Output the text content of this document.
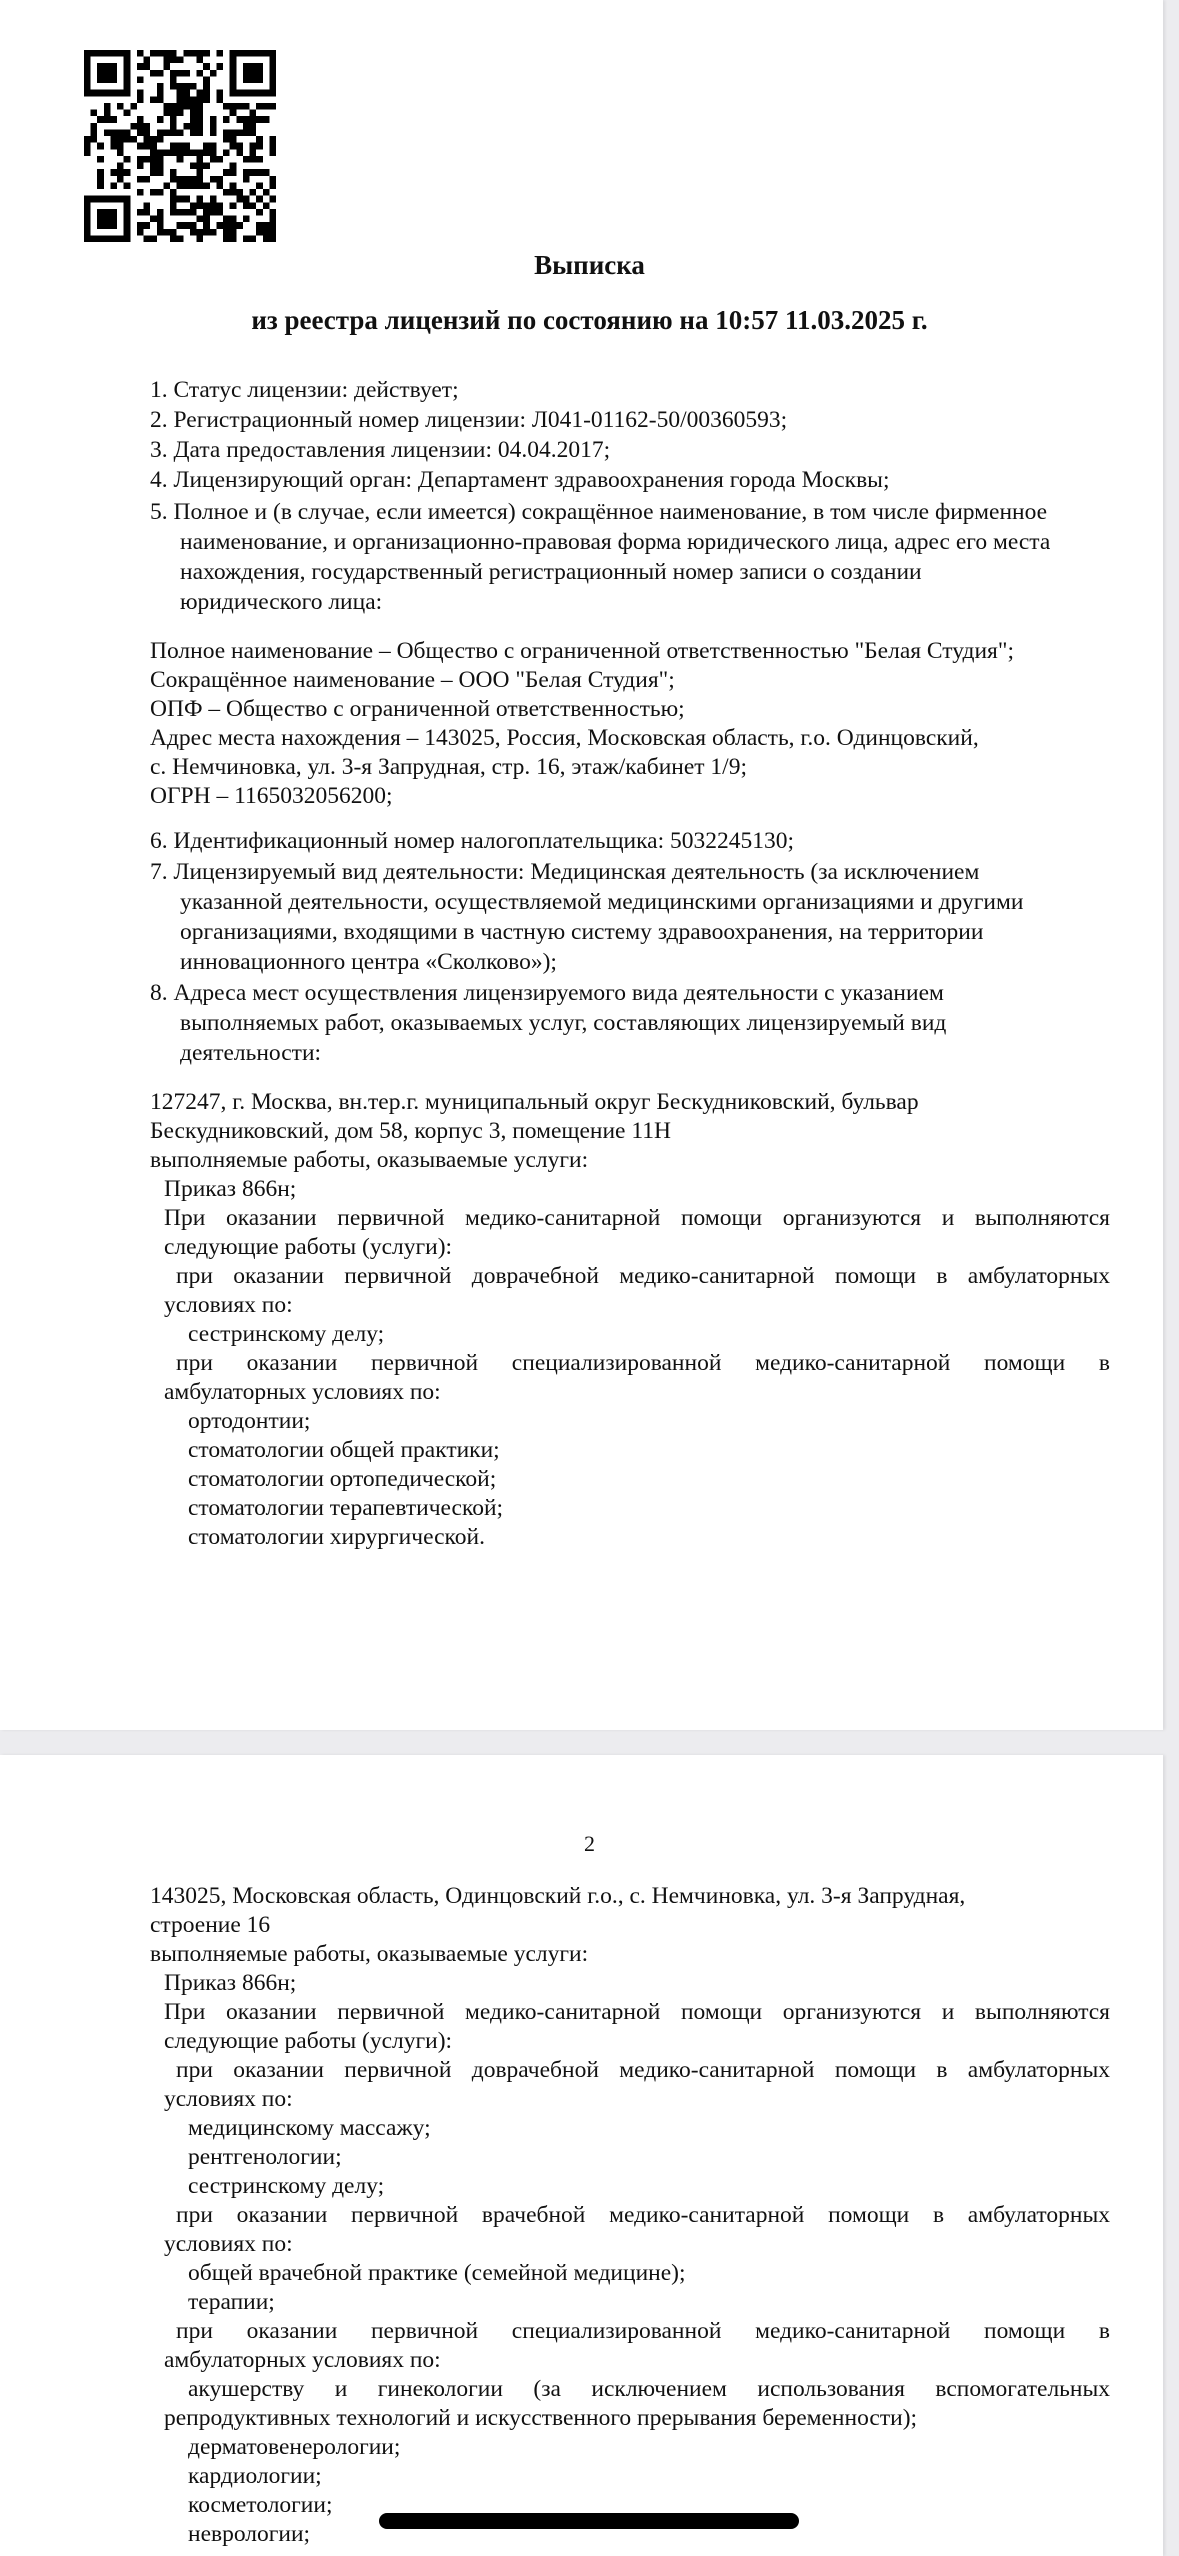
Выписка
из реестра лицензий по состоянию на 10:57 11.03.2025 г.
1. Статус лицензии: действует;
2. Регистрационный номер лицензии: Л041-01162-50/00360593;
3. Дата предоставления лицензии: 04.04.2017;
4. Лицензирующий орган: Департамент здравоохранения города Москвы;
5. Полное и (в случае, если имеется) сокращённое наименование, в том числе фирменное
наименование, и организационно-правовая форма юридического лица, адрес его места
нахождения, государственный регистрационный номер записи о создании
юридического лица:
Полное наименование – Общество с ограниченной ответственностью "Белая Студия";
Сокращённое наименование – ООО "Белая Студия";
ОПФ – Общество с ограниченной ответственностью;
Адрес места нахождения – 143025, Россия, Московская область, г.о. Одинцовский,
с. Немчиновка, ул. 3-я Запрудная, стр. 16, этаж/кабинет 1/9;
ОГРН – 1165032056200;
6. Идентификационный номер налогоплательщика: 5032245130;
7. Лицензируемый вид деятельности: Медицинская деятельность (за исключением
указанной деятельности, осуществляемой медицинскими организациями и другими
организациями, входящими в частную систему здравоохранения, на территории
инновационного центра «Сколково»);
8. Адреса мест осуществления лицензируемого вида деятельности с указанием
выполняемых работ, оказываемых услуг, составляющих лицензируемый вид
деятельности:
127247, г. Москва, вн.тер.г. муниципальный округ Бескудниковский, бульвар
Бескудниковский, дом 58, корпус 3, помещение 11Н
выполняемые работы, оказываемые услуги:
Приказ 866н;
При оказании первичной медико-санитарной помощи организуются и выполняются
следующие работы (услуги):
при оказании первичной доврачебной медико-санитарной помощи в амбулаторных
условиях по:
сестринскому делу;
при оказании первичной специализированной медико-санитарной помощи в
амбулаторных условиях по:
ортодонтии;
стоматологии общей практики;
стоматологии ортопедической;
стоматологии терапевтической;
стоматологии хирургической.
2
143025, Московская область, Одинцовский г.о., с. Немчиновка, ул. 3-я Запрудная,
строение 16
выполняемые работы, оказываемые услуги:
Приказ 866н;
При оказании первичной медико-санитарной помощи организуются и выполняются
следующие работы (услуги):
при оказании первичной доврачебной медико-санитарной помощи в амбулаторных
условиях по:
медицинскому массажу;
рентгенологии;
сестринскому делу;
при оказании первичной врачебной медико-санитарной помощи в амбулаторных
условиях по:
общей врачебной практике (семейной медицине);
терапии;
при оказании первичной специализированной медико-санитарной помощи в
амбулаторных условиях по:
акушерству и гинекологии (за исключением использования вспомогательных
репродуктивных технологий и искусственного прерывания беременности);
дерматовенерологии;
кардиологии;
косметологии;
неврологии;
